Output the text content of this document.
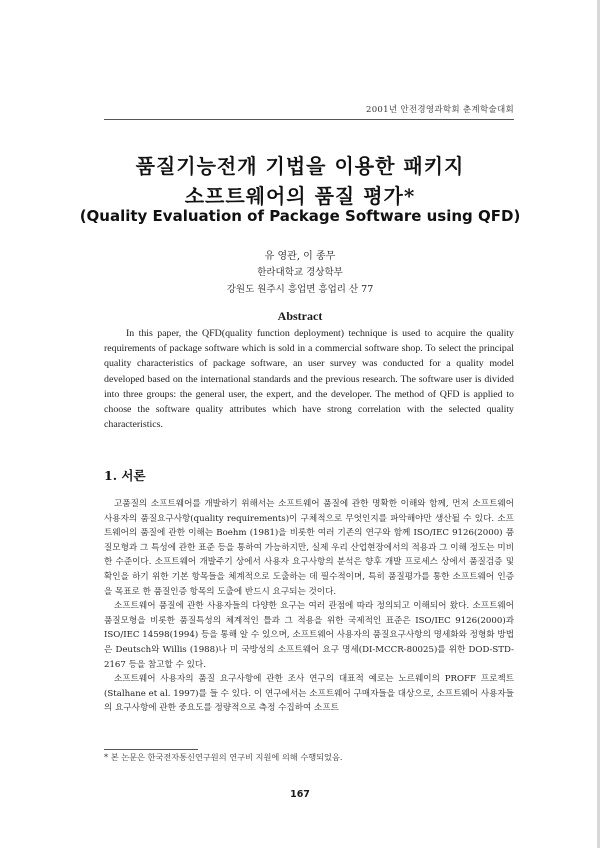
2001년 안전경영과학회 춘계학술대회
품질기능전개 기법을 이용한 패키지
소프트웨어의 품질 평가*
(Quality Evaluation of Package Software using QFD)
유 영관, 이 종무
한라대학교 경상학부
강원도 원주시 흥업면 흥업리 산 77
Abstract
In this paper, the QFD(quality function deployment) technique is used to acquire the quality requirements of package software which is sold in a commercial software shop. To select the principal quality characteristics of package software, an user survey was conducted for a quality model developed based on the international standards and the previous research. The software user is divided into three groups: the general user, the expert, and the developer. The method of QFD is applied to choose the software quality attributes which have strong correlation with the selected quality characteristics.
1. 서론

고품질의 소프트웨어를 개발하기 위해서는 소프트웨어 품질에 관한 명확한 이해와 함께, 먼저 소프트웨어 사용자의 품질요구사항(quality requirements)이 구체적으로 무엇인지를 파악해야만 생산될 수 있다. 소프트웨어의 품질에 관한 이해는 Boehm (1981)을 비롯한 여러 기존의 연구와 함께 ISO/IEC 9126(2000) 품질모형과 그 특성에 관한 표준 등을 통하여 가능하지만, 실제 우리 산업현장에서의 적용과 그 이해 정도는 미비한 수준이다. 소프트웨어 개발주기 상에서 사용자 요구사항의 분석은 향후 개발 프로세스 상에서 품질검증 및 확인을 하기 위한 기본 항목들을 체계적으로 도출하는 데 필수적이며, 특히 품질평가를 통한 소프트웨어 인증을 목표로 한 품질인증 항목의 도출에 반드시 요구되는 것이다.

소프트웨어 품질에 관한 사용자들의 다양한 요구는 여러 관점에 따라 정의되고 이해되어 왔다. 소프트웨어 품질모형을 비롯한 품질특성의 체계적인 틀과 그 적용을 위한 국제적인 표준은 ISO/IEC 9126(2000)과 ISO/IEC 14598(1994) 등을 통해 알 수 있으며, 소프트웨어 사용자의 품질요구사항의 명세화와 정형화 방법은 Deutsch와 Willis (1988)나 미 국방성의 소프트웨어 요구 명세(DI-MCCR-80025)를 위한 DOD-STD-2167 등을 참고할 수 있다.

소프트웨어 사용자의 품질 요구사항에 관한 조사 연구의 대표적 예로는 노르웨이의 PROFF 프로젝트(Stalhane et al. 1997)를 들 수 있다. 이 연구에서는 소프트웨어 구매자들을 대상으로, 소프트웨어 사용자들의 요구사항에 관한 중요도를 정량적으로 측정 수집하여 소프트

* 본 논문은 한국전자통신연구원의 연구비 지원에 의해 수행되었음.
167
